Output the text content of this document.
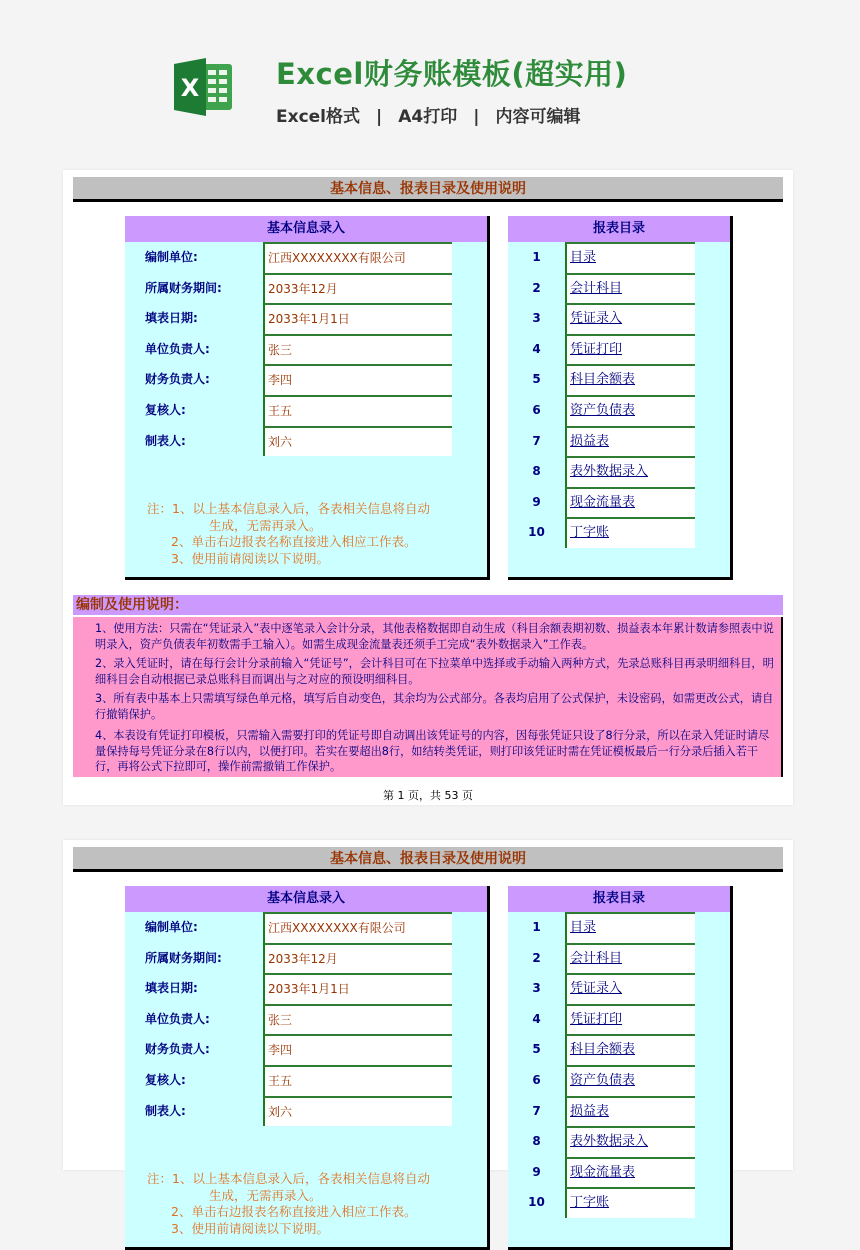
X	Excel财务账模板(超实用)
Excel格式 | A4打印 | 内容可编辑
基本信息、报表目录及使用说明
基本信息录入
编制单位:	江西XXXXXXXX有限公司
所属财务期间:	2033年12月
填表日期:	2033年1月1日
单位负责人:	张三
财务负责人:	李四
复核人:	王五
制表人:	刘六
注：1、以上基本信息录入后，各表相关信息将自动
生成，无需再录入。
2、单击右边报表名称直接进入相应工作表。
3、使用前请阅读以下说明。
报表目录
1	目录
2	会计科目
3	凭证录入
4	凭证打印
5	科目余额表
6	资产负债表
7	损益表
8	表外数据录入
9	现金流量表
10	丁字账
编制及使用说明：

1、使用方法：只需在“凭证录入”表中逐笔录入会计分录，其他表格数据即自动生成（科目余额表期初数、损益表本年累计数请参照表中说明录入，资产负债表年初数需手工输入）。如需生成现金流量表还须手工完成“表外数据录入”工作表。

2、录入凭证时，请在每行会计分录前输入“凭证号”，会计科目可在下拉菜单中选择或手动输入两种方式，先录总账科目再录明细科目，明细科目会自动根据已录总账科目而调出与之对应的预设明细科目。

3、所有表中基本上只需填写绿色单元格，填写后自动变色，其余均为公式部分。各表均启用了公式保护，未设密码，如需更改公式，请自行撤销保护。

4、本表设有凭证打印模板，只需输入需要打印的凭证号即自动调出该凭证号的内容，因每张凭证只设了8行分录，所以在录入凭证时请尽量保持每号凭证分录在8行以内，以便打印。若实在要超出8行，如结转类凭证，则打印该凭证时需在凭证模板最后一行分录后插入若干行，再将公式下拉即可，操作前需撤销工作保护。

第 1 页，共 53 页
基本信息、报表目录及使用说明
基本信息录入
编制单位:	江西XXXXXXXX有限公司
所属财务期间:	2033年12月
填表日期:	2033年1月1日
单位负责人:	张三
财务负责人:	李四
复核人:	王五
制表人:	刘六
注：1、以上基本信息录入后，各表相关信息将自动
生成，无需再录入。
2、单击右边报表名称直接进入相应工作表。
3、使用前请阅读以下说明。
报表目录
1	目录
2	会计科目
3	凭证录入
4	凭证打印
5	科目余额表
6	资产负债表
7	损益表
8	表外数据录入
9	现金流量表
10	丁字账
